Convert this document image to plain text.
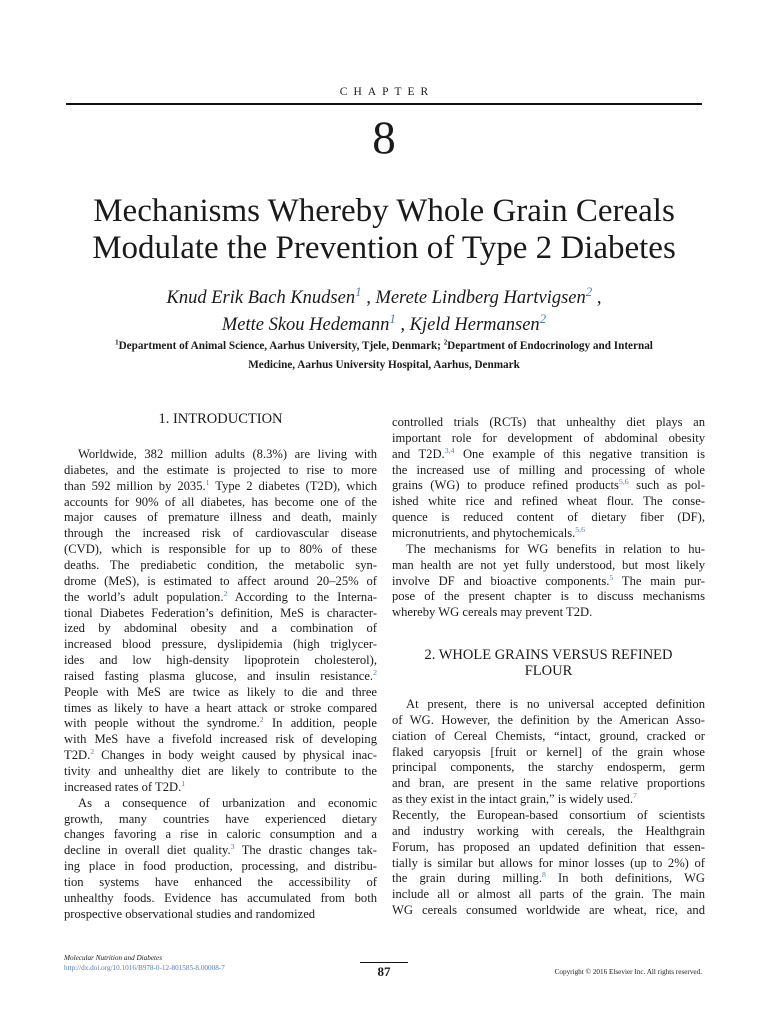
CHAPTER
8
Mechanisms Whereby Whole Grain Cereals
Modulate the Prevention of Type 2 Diabetes
Knud Erik Bach Knudsen$^1$ , Merete Lindberg Hartvigsen$^2$ ,
Mette Skou Hedemann$^1$ , Kjeld Hermansen$^2$
$^1$Department of Animal Science, Aarhus University, Tjele, Denmark; $^2$Department of Endocrinology and Internal
Medicine, Aarhus University Hospital, Aarhus, Denmark
1. INTRODUCTION
Worldwide, 382 million adults (8.3%) are living with
diabetes, and the estimate is projected to rise to more
than 592 million by 2035.$^1$ Type 2 diabetes (T2D), which
accounts for 90% of all diabetes, has become one of the
major causes of premature illness and death, mainly
through the increased risk of cardiovascular disease
(CVD), which is responsible for up to 80% of these
deaths. The prediabetic condition, the metabolic syn-
drome (MeS), is estimated to affect around 20–25% of
the world’s adult population.$^2$ According to the Interna-
tional Diabetes Federation’s definition, MeS is character-
ized by abdominal obesity and a combination of
increased blood pressure, dyslipidemia (high triglycer-
ides and low high-density lipoprotein cholesterol),
raised fasting plasma glucose, and insulin resistance.$^2$
People with MeS are twice as likely to die and three
times as likely to have a heart attack or stroke compared
with people without the syndrome.$^2$ In addition, people
with MeS have a fivefold increased risk of developing
T2D.$^2$ Changes in body weight caused by physical inac-
tivity and unhealthy diet are likely to contribute to the
increased rates of T2D.$^1$
As a consequence of urbanization and economic
growth, many countries have experienced dietary
changes favoring a rise in caloric consumption and a
decline in overall diet quality.$^3$ The drastic changes tak-
ing place in food production, processing, and distribu-
tion systems have enhanced the accessibility of
unhealthy foods. Evidence has accumulated from both
prospective observational studies and randomized
controlled trials (RCTs) that unhealthy diet plays an
important role for development of abdominal obesity
and T2D.$^{3,4}$ One example of this negative transition is
the increased use of milling and processing of whole
grains (WG) to produce refined products$^{5,6}$ such as pol-
ished white rice and refined wheat flour. The conse-
quence is reduced content of dietary fiber (DF),
micronutrients, and phytochemicals.$^{5,6}$
The mechanisms for WG benefits in relation to hu-
man health are not yet fully understood, but most likely
involve DF and bioactive components.$^5$ The main pur-
pose of the present chapter is to discuss mechanisms
whereby WG cereals may prevent T2D.
2. WHOLE GRAINS VERSUS REFINED
FLOUR
At present, there is no universal accepted definition
of WG. However, the definition by the American Asso-
ciation of Cereal Chemists, “intact, ground, cracked or
flaked caryopsis [fruit or kernel] of the grain whose
principal components, the starchy endosperm, germ
and bran, are present in the same relative proportions
as they exist in the intact grain,” is widely used.$^7$
Recently, the European-based consortium of scientists
and industry working with cereals, the Healthgrain
Forum, has proposed an updated definition that essen-
tially is similar but allows for minor losses (up to 2%) of
the grain during milling.$^8$ In both definitions, WG
include all or almost all parts of the grain. The main
WG cereals consumed worldwide are wheat, rice, and
Molecular Nutrition and Diabetes
http://dx.doi.org/10.1016/B978-0-12-801585-8.00008-7	87	Copyright © 2016 Elsevier Inc. All rights reserved.
